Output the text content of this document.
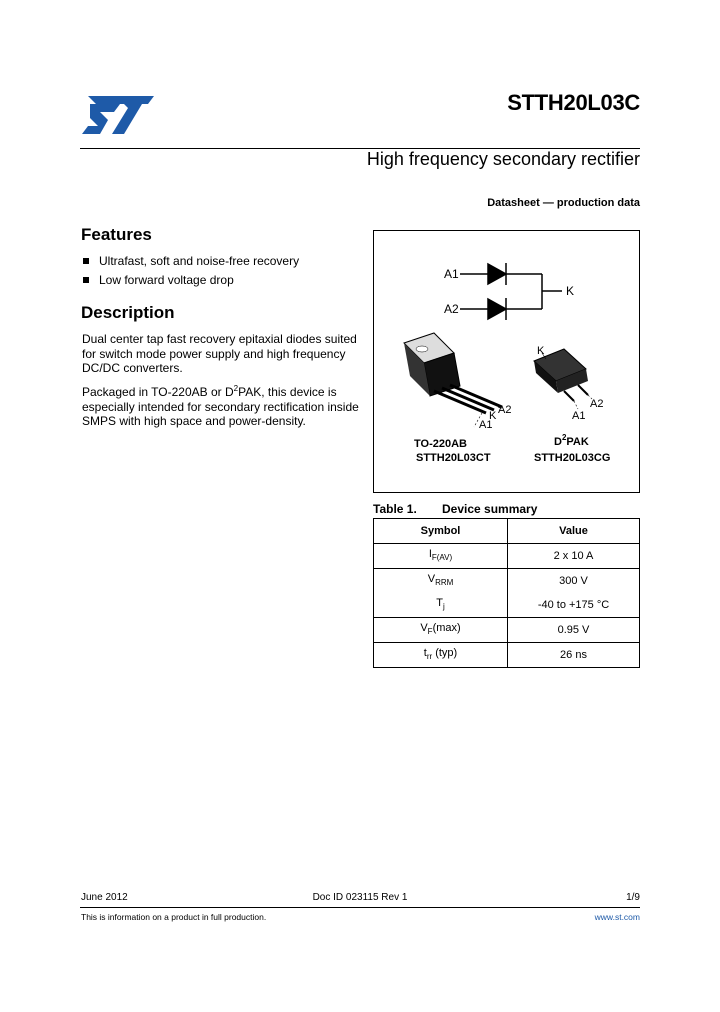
ST	STTH20L03C
High frequency secondary rectifier
Datasheet — production data
Features
Ultrafast, soft and noise-free recovery
Low forward voltage drop
Description
Dual center tap fast recovery epitaxial diodes suited for switch mode power supply and high frequency DC/DC converters.
Packaged in TO-220AB or $D^2PAK$, this device is especially intended for secondary rectification inside SMPS with high space and power-density.
A1
A2
K
K A2
A1
TO-220AB
STTH20L03CT
K
A2
A1
$D^2PAK$
STTH20L03CG
Table 1. Device summary
Symbol	Value
$I_{F(AV)}$	2 x 10 A
$V_{RRM}$	300 V
$T_j$	-40 to +175 °C
$V_F(\max)$	0.95 V
$t_{rr}$ (typ)	26 ns
June 2012	Doc ID 023115 Rev 1	1/9
This is information on a product in full production.	www.st.com
